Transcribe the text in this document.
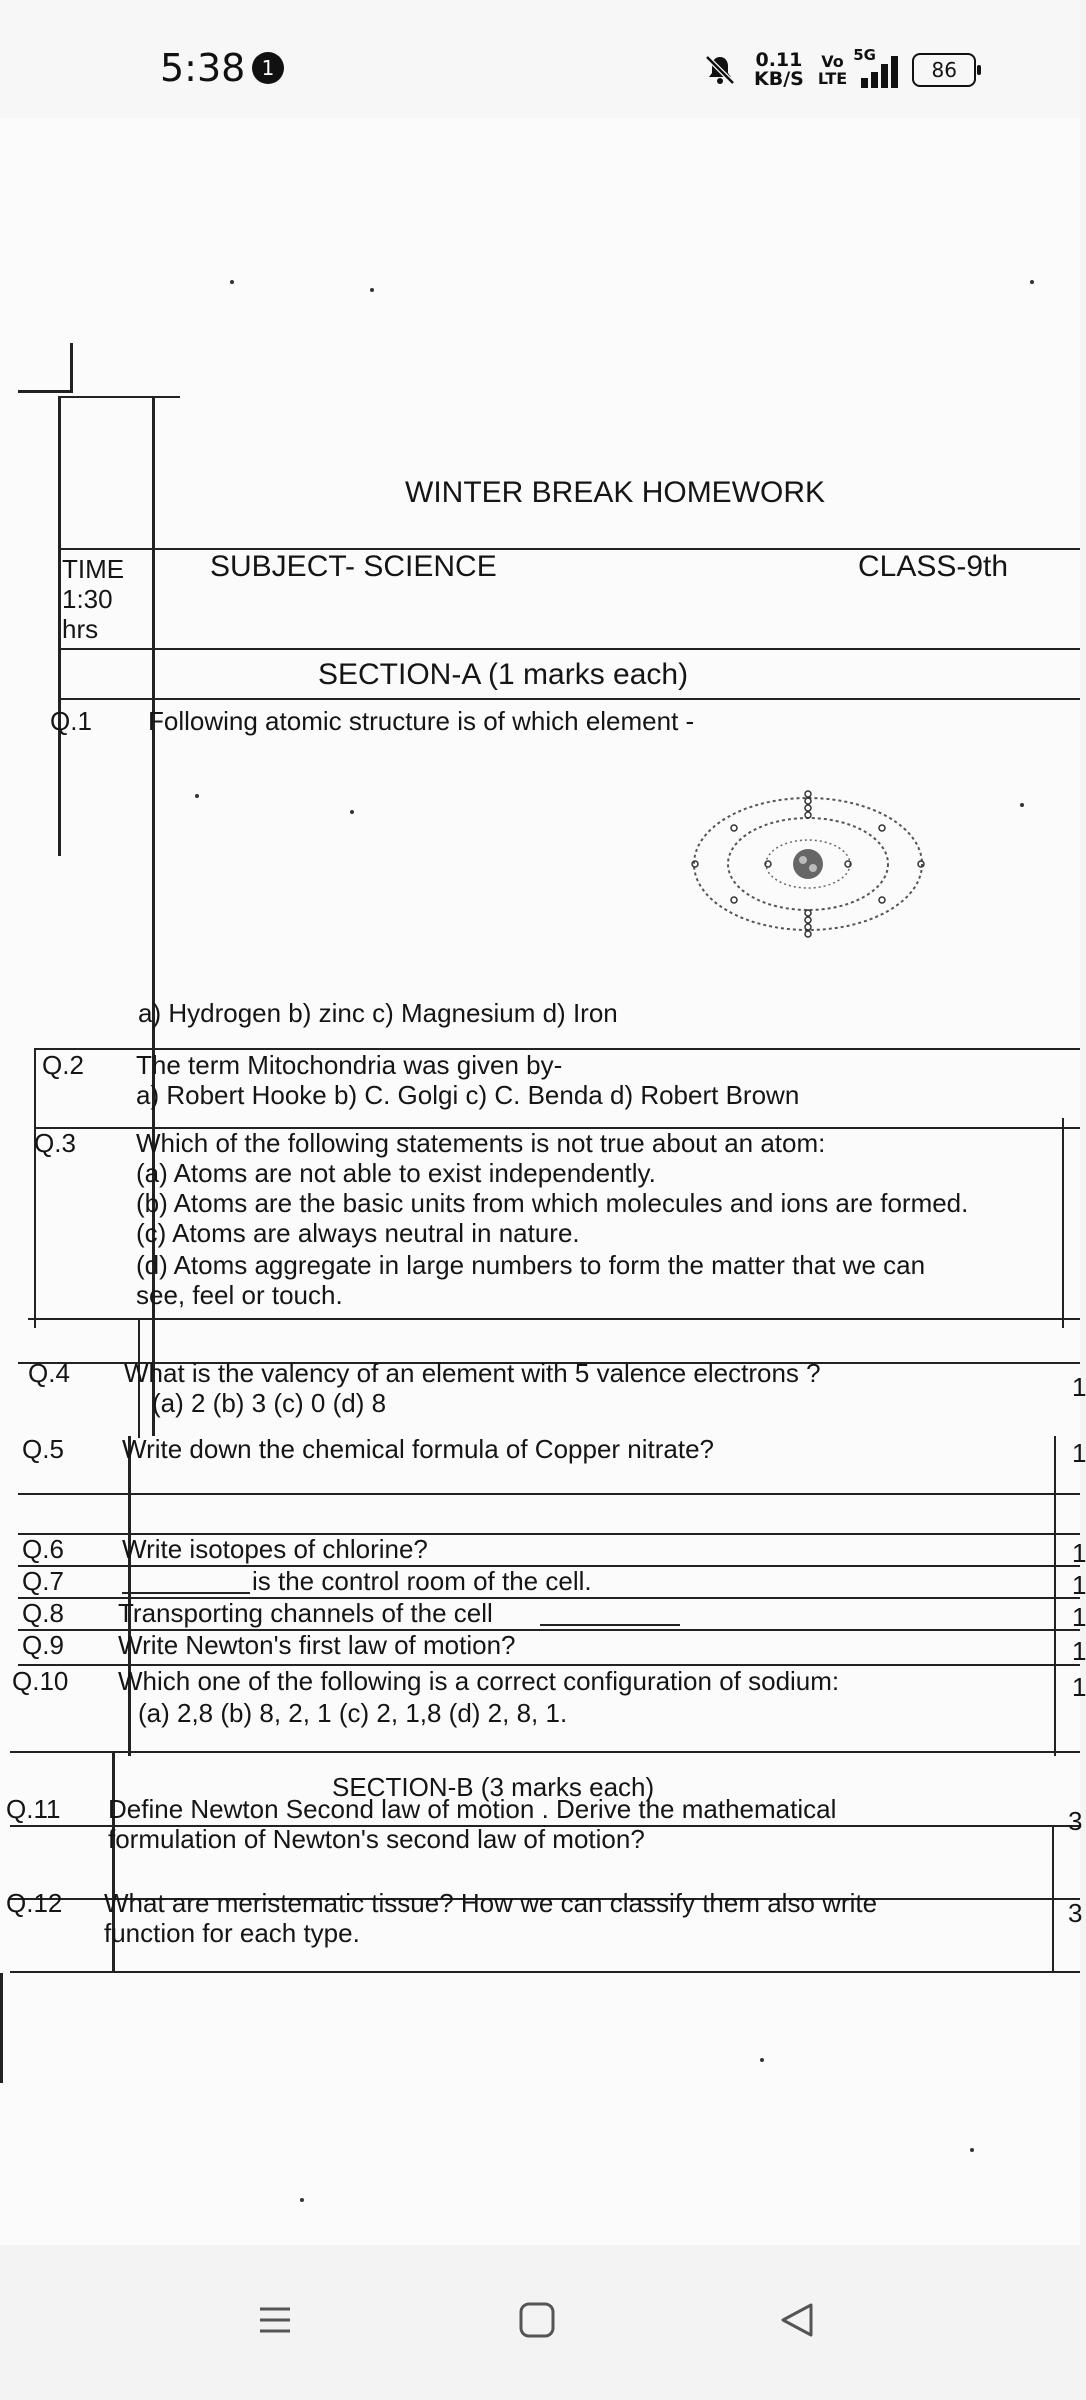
5:38 1	0.11
KB/S
Vo
LTE
5G
86
WINTER BREAK HOMEWORK
TIME
1:30
hrs
SUBJECT- SCIENCE	CLASS-9th
SECTION-A (1 marks each)
Q.1 Following atomic structure is of which element -
a) Hydrogen b) zinc c) Magnesium d) Iron
Q.2 The term Mitochondria was given by-
a) Robert Hooke b) C. Golgi c) C. Benda d) Robert Brown
Q.3 Which of the following statements is not true about an atom:
(a) Atoms are not able to exist independently.
(b) Atoms are the basic units from which molecules and ions are formed.
(c) Atoms are always neutral in nature.
(d) Atoms aggregate in large numbers to form the matter that we can
see, feel or touch.
Q.4 What is the valency of an element with 5 valence electrons ?
(a) 2 (b) 3 (c) 0 (d) 8
1
Q.5 Write down the chemical formula of Copper nitrate?	1
Q.6 Write isotopes of chlorine?	1
Q.7	is the control room of the cell.	1
Q.8 Transporting channels of the cell	1
Q.9 Write Newton's first law of motion?	1
Q.10 Which one of the following is a correct configuration of sodium:
(a) 2,8 (b) 8, 2, 1 (c) 2, 1,8 (d) 2, 8, 1.
1
SECTION-B (3 marks each)
Q.11 Define Newton Second law of motion . Derive the mathematical
formulation of Newton's second law of motion?
3
Q.12 What are meristematic tissue? How we can classify them also write
function for each type.
3
